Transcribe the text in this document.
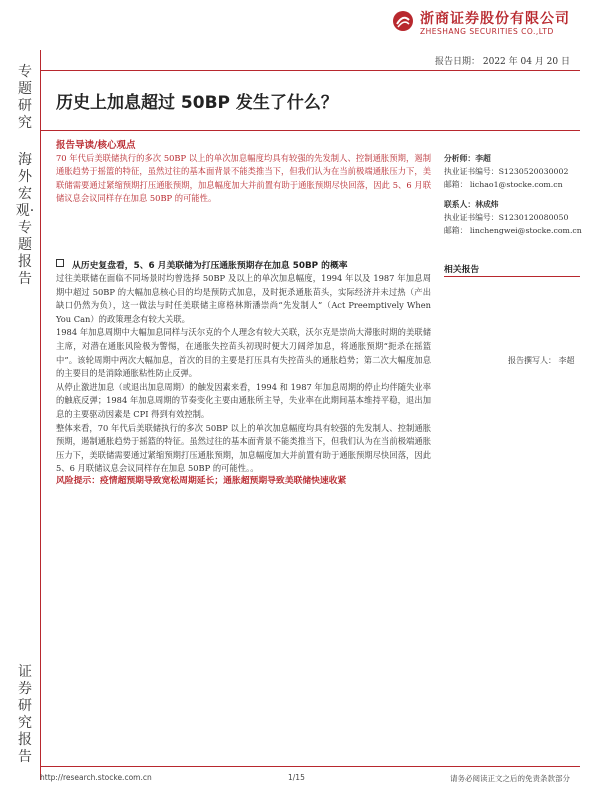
浙商证券股份有限公司
ZHESHANG SECURITIES CO.,LTD
报告日期： 2022 年 04 月 20 日
专题研究
海外宏观·专题报告
证券研究报告
历史上加息超过 50BP 发生了什么？
报告导读/核心观点
70 年代后美联储执行的多次 50BP 以上的单次加息幅度均具有较强的先发制人、控制通胀预期，遏制通胀趋势于摇篮的特征，虽然过往的基本面背景不能类推当下，但我们认为在当前极端通胀压力下，美联储需要通过紧缩预期打压通胀预期，加息幅度加大并前置有助于通胀预期尽快回落，因此 5、6 月联储议息会议同样存在加息 50BP 的可能性。
从历史复盘看，5、6 月美联储为打压通胀预期存在加息 50BP 的概率

过往美联储在面临不同场景时均曾选择 50BP 及以上的单次加息幅度，1994 年以及 1987 年加息周期中超过 50BP 的大幅加息核心目的均是预防式加息，及时扼杀通胀苗头，实际经济并未过热（产出缺口仍然为负），这一做法与时任美联储主席格林斯潘崇尚“先发制人”（Act Preemptively When You Can）的政策理念有较大关联。

1984 年加息周期中大幅加息同样与沃尔克的个人理念有较大关联，沃尔克是崇尚大滞胀时期的美联储主席，对潜在通胀风险极为警惕，在通胀失控苗头初现时便大刀阔斧加息，将通胀预期“扼杀在摇篮中”。该轮周期中两次大幅加息，首次的目的主要是打压具有失控苗头的通胀趋势；第二次大幅度加息的主要目的是消除通胀粘性防止反弹。

从停止激进加息（或退出加息周期）的触发因素来看，1994 和 1987 年加息周期的停止均伴随失业率的触底反弹；1984 年加息周期的节奏变化主要由通胀所主导，失业率在此期间基本维持平稳，退出加息的主要驱动因素是 CPI 得到有效控制。

整体来看，70 年代后美联储执行的多次 50BP 以上的单次加息幅度均具有较强的先发制人、控制通胀预期，遏制通胀趋势于摇篮的特征。虽然过往的基本面背景不能类推当下，但我们认为在当前极端通胀压力下，美联储需要通过紧缩预期打压通胀预期，加息幅度加大并前置有助于通胀预期尽快回落，因此 5、6 月联储议息会议同样存在加息 50BP 的可能性。。

风险提示：疫情超预期导致宽松周期延长；通胀超预期导致美联储快速收紧
分析师：李超
执业证书编号：S1230520030002
邮箱： lichao1@stocke.com.cn
联系人：林成炜
执业证书编号：S1230120080050
邮箱： linchengwei@stocke.com.cn
相关报告
报告撰写人： 李超
http://research.stocke.com.cn	1/15	请务必阅读正文之后的免责条款部分
